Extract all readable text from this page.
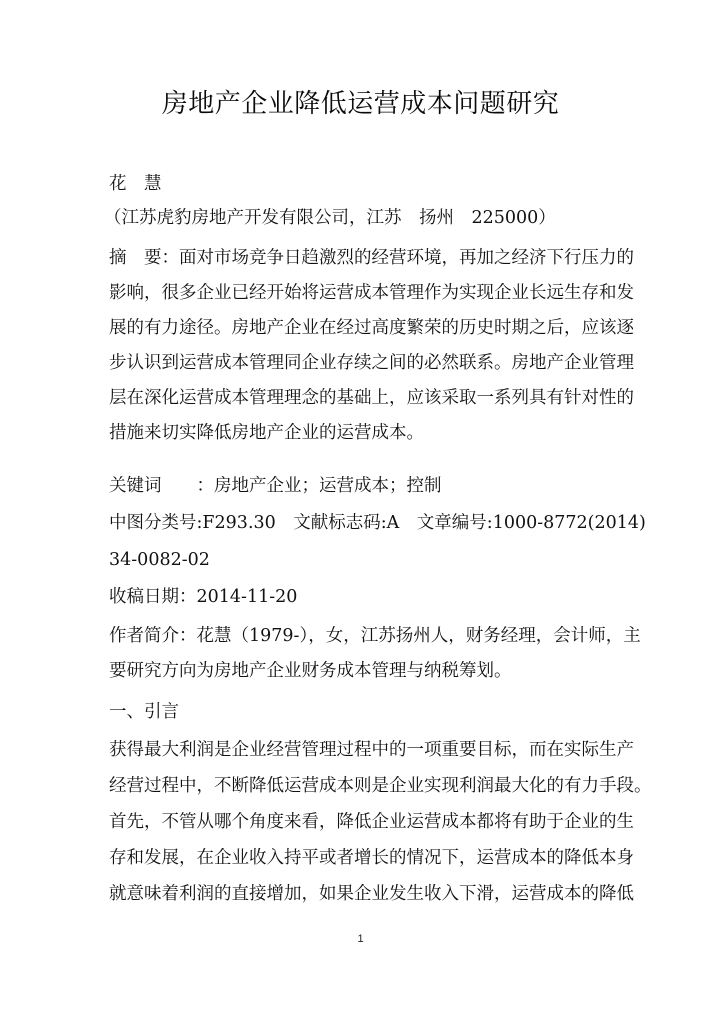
房地产企业降低运营成本问题研究
花　慧
（江苏虎豹房地产开发有限公司，江苏　扬州　225000）
摘　要：面对市场竞争日趋激烈的经营环境，再加之经济下行压力的
影响，很多企业已经开始将运营成本管理作为实现企业长远生存和发
展的有力途径。房地产企业在经过高度繁荣的历史时期之后，应该逐
步认识到运营成本管理同企业存续之间的必然联系。房地产企业管理
层在深化运营成本管理理念的基础上，应该采取一系列具有针对性的
措施来切实降低房地产企业的运营成本。
关键词　　：房地产企业；运营成本；控制
中图分类号:F293.30　文献标志码:A　文章编号:1000-8772(2014)
34-0082-02
收稿日期：2014-11-20
作者简介：花慧（1979-），女，江苏扬州人，财务经理，会计师，主
要研究方向为房地产企业财务成本管理与纳税筹划。
一、引言
获得最大利润是企业经营管理过程中的一项重要目标，而在实际生产
经营过程中，不断降低运营成本则是企业实现利润最大化的有力手段。
首先，不管从哪个角度来看，降低企业运营成本都将有助于企业的生
存和发展，在企业收入持平或者增长的情况下，运营成本的降低本身
就意味着利润的直接增加，如果企业发生收入下滑，运营成本的降低
1
